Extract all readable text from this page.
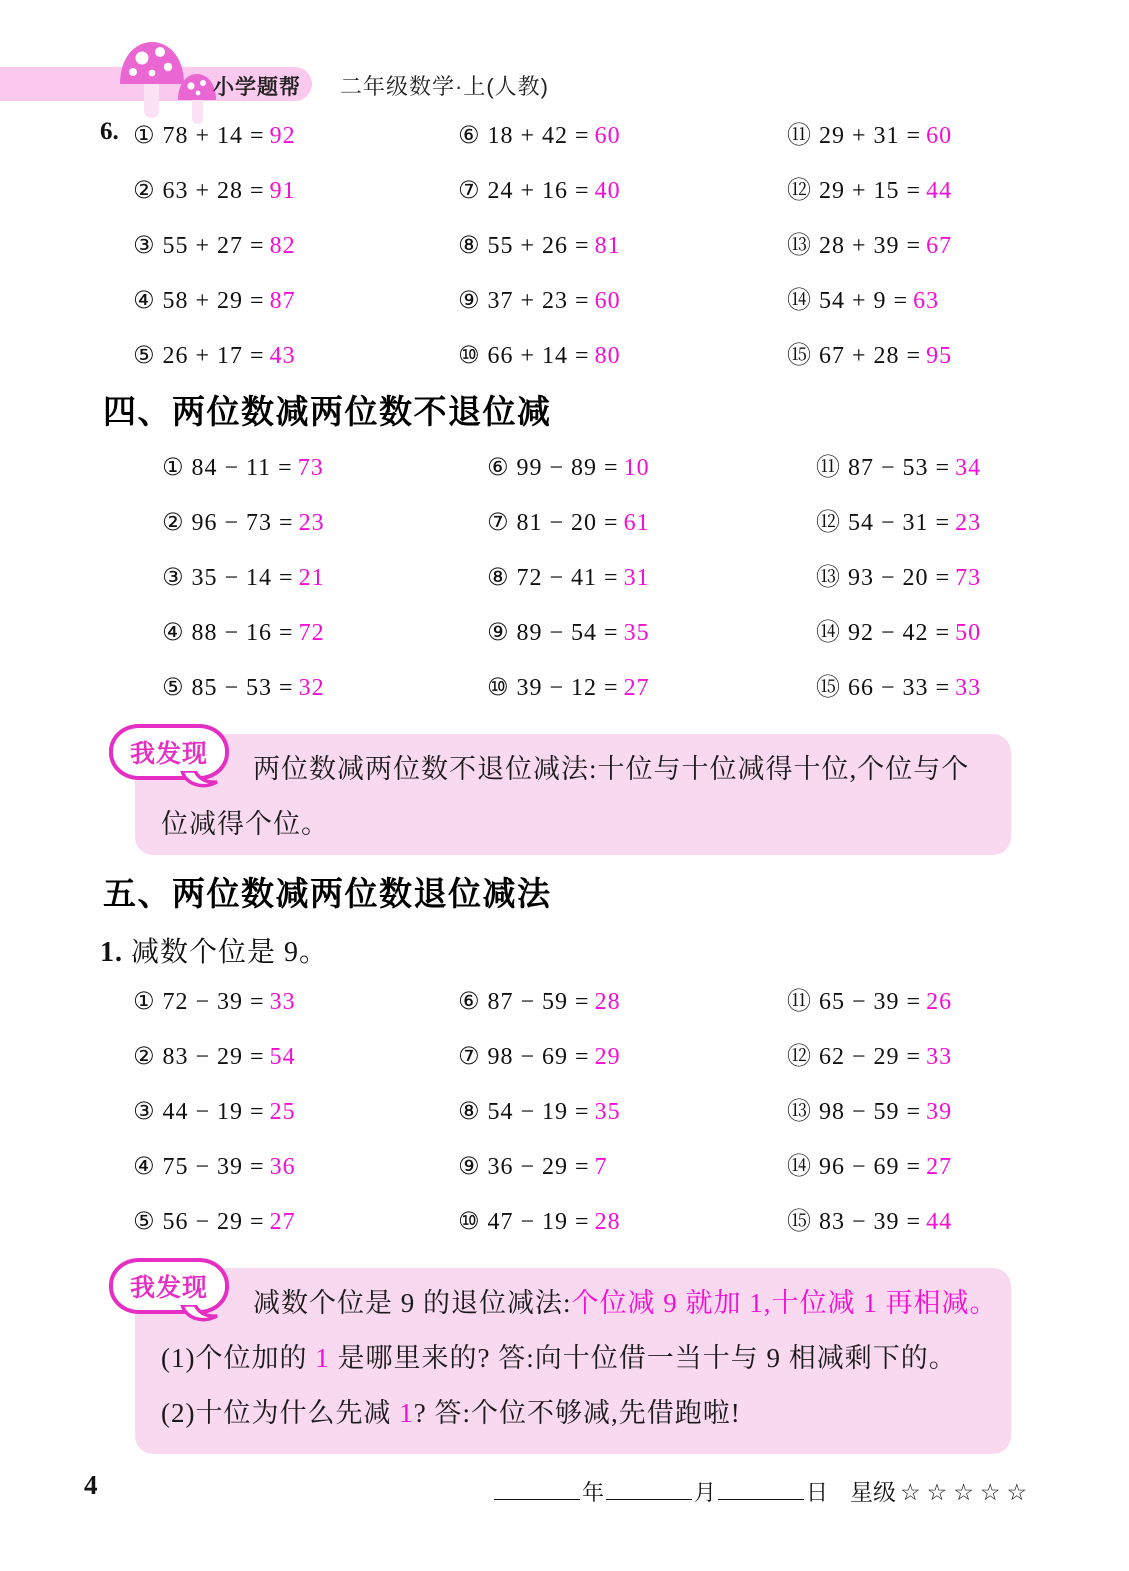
小学题帮 二年级数学·上(人教)
6. ① 78 + 14 = 92
② 63 + 28 = 91
③ 55 + 27 = 82
④ 58 + 29 = 87
⑤ 26 + 17 = 43
⑥ 18 + 42 = 60
⑦ 24 + 16 = 40
⑧ 55 + 26 = 81
⑨ 37 + 23 = 60
⑩ 66 + 14 = 80
⑪ 29 + 31 = 60
⑫ 29 + 15 = 44
⑬ 28 + 39 = 67
⑭ 54 + 9 = 63
⑮ 67 + 28 = 95
四、两位数减两位数不退位减
① 84 − 11 = 73
② 96 − 73 = 23
③ 35 − 14 = 21
④ 88 − 16 = 72
⑤ 85 − 53 = 32
⑥ 99 − 89 = 10
⑦ 81 − 20 = 61
⑧ 72 − 41 = 31
⑨ 89 − 54 = 35
⑩ 39 − 12 = 27
⑪ 87 − 53 = 34
⑫ 54 − 31 = 23
⑬ 93 − 20 = 73
⑭ 92 − 42 = 50
⑮ 66 − 33 = 33
我发现	两位数减两位数不退位减法:十位与十位减得十位,个位与个
位减得个位。
五、两位数减两位数退位减法
1. 减数个位是 9。
① 72 − 39 = 33
② 83 − 29 = 54
③ 44 − 19 = 25
④ 75 − 39 = 36
⑤ 56 − 29 = 27
⑥ 87 − 59 = 28
⑦ 98 − 69 = 29
⑧ 54 − 19 = 35
⑨ 36 − 29 = 7
⑩ 47 − 19 = 28
⑪ 65 − 39 = 26
⑫ 62 − 29 = 33
⑬ 98 − 59 = 39
⑭ 96 − 69 = 27
⑮ 83 − 39 = 44
我发现	减数个位是 9 的退位减法:个位减 9 就加 1,十位减 1 再相减。
(1)个位加的 1 是哪里来的? 答:向十位借一当十与 9 相减剩下的。
(2)十位为什么先减 1? 答:个位不够减,先借跑啦!
4	年	月	日 星级 ☆☆☆☆☆
